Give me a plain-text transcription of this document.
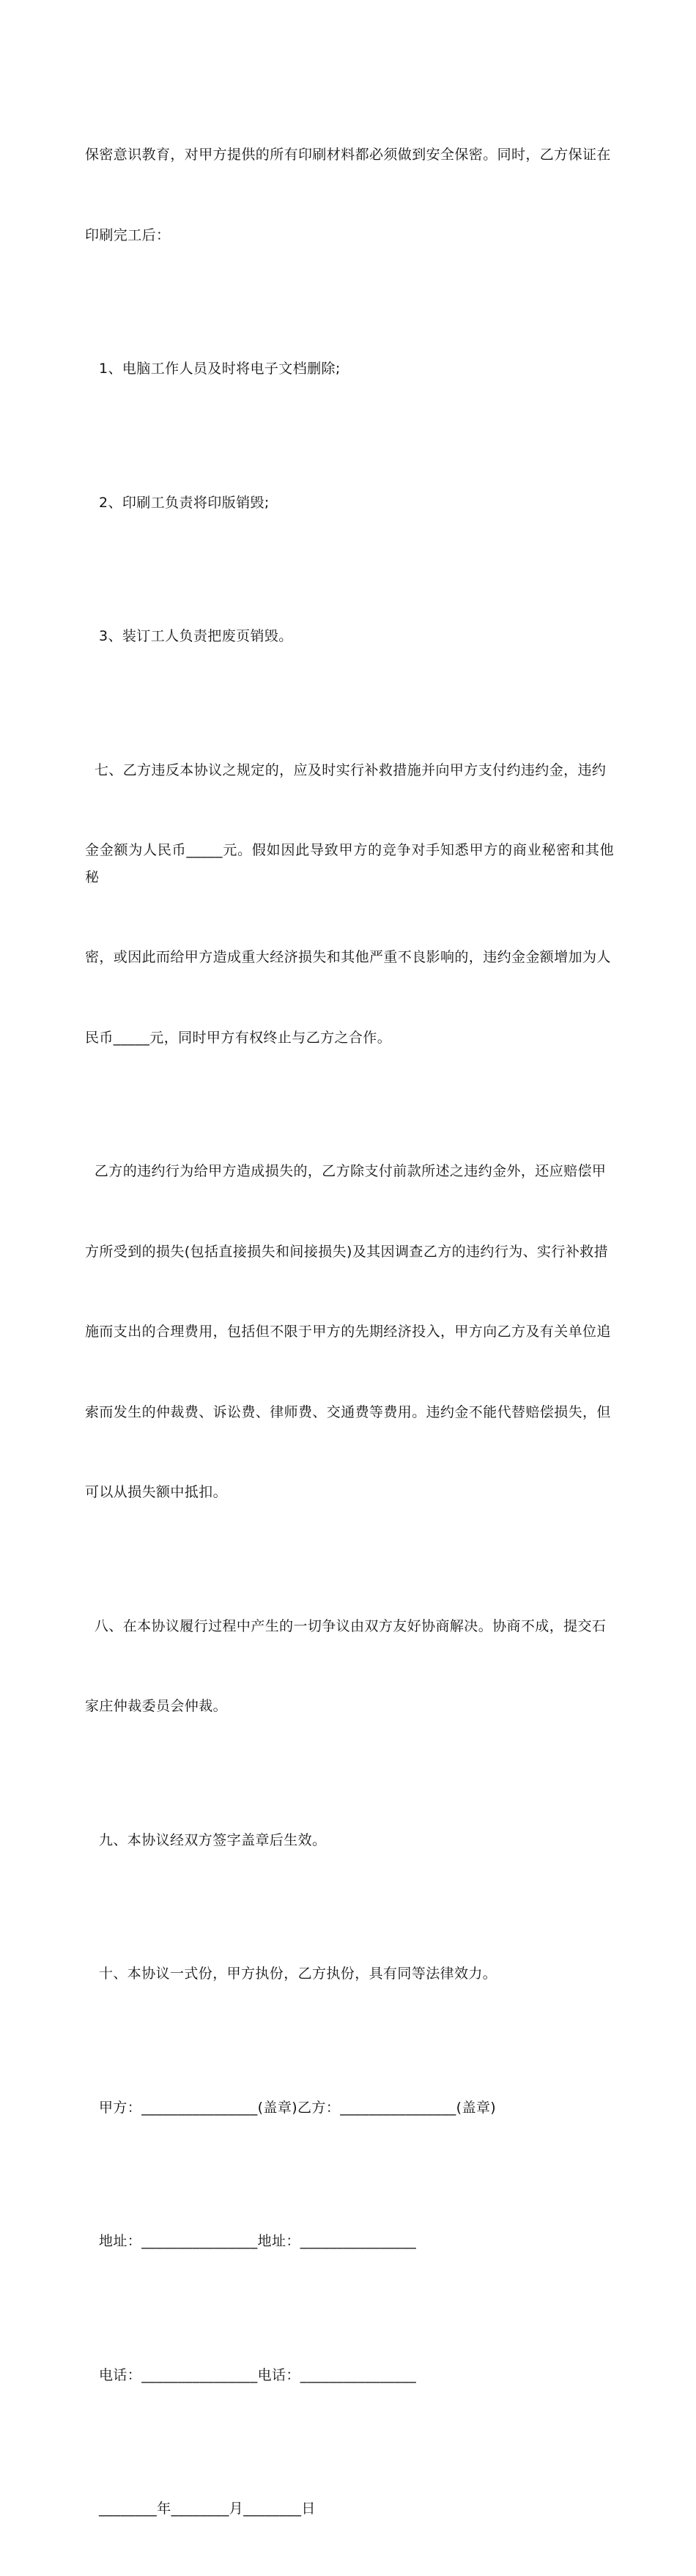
保密意识教育，对甲方提供的所有印刷材料都必须做到安全保密。同时，乙方保证在

印刷完工后：

1、电脑工作人员及时将电子文档删除;

2、印刷工负责将印版销毁;

3、装订工人负责把废页销毁。

七、乙方违反本协议之规定的，应及时实行补救措施并向甲方支付约违约金，违约

金金额为人民币_____元。假如因此导致甲方的竞争对手知悉甲方的商业秘密和其他秘

密，或因此而给甲方造成重大经济损失和其他严重不良影响的，违约金金额增加为人

民币_____元，同时甲方有权终止与乙方之合作。

乙方的违约行为给甲方造成损失的，乙方除支付前款所述之违约金外，还应赔偿甲

方所受到的损失(包括直接损失和间接损失)及其因调查乙方的违约行为、实行补救措

施而支出的合理费用，包括但不限于甲方的先期经济投入，甲方向乙方及有关单位追

索而发生的仲裁费、诉讼费、律师费、交通费等费用。违约金不能代替赔偿损失，但

可以从损失额中抵扣。

八、在本协议履行过程中产生的一切争议由双方友好协商解决。协商不成，提交石

家庄仲裁委员会仲裁。

九、本协议经双方签字盖章后生效。

十、本协议一式份，甲方执份，乙方执份，具有同等法律效力。

甲方：________________(盖章)乙方：________________(盖章)

地址：________________地址：________________

电话：________________电话：________________

________年________月________日
